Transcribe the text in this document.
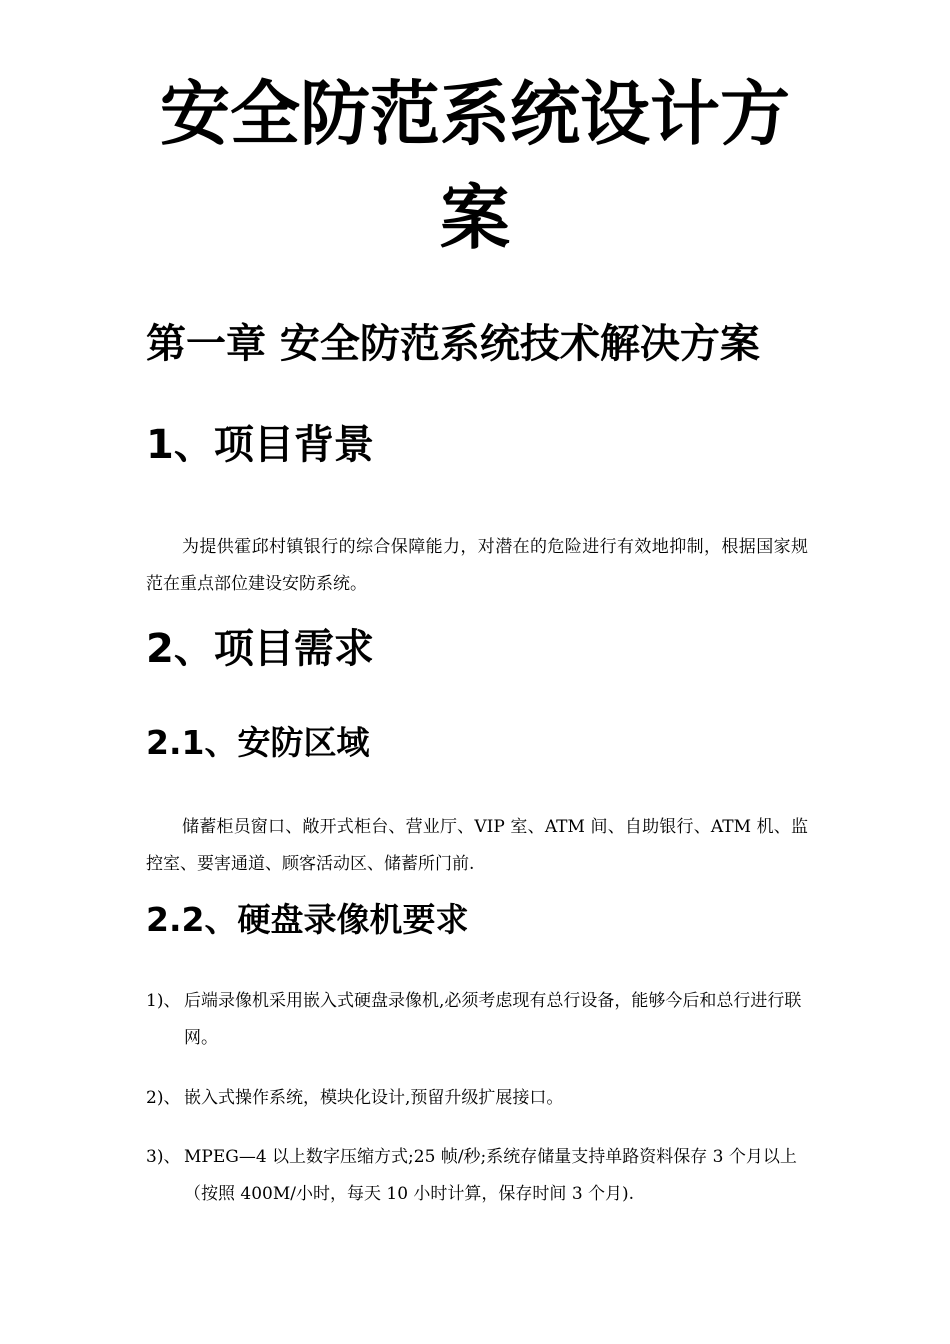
安全防范系统设计方
案
第一章 安全防范系统技术解决方案
1、项目背景

为提供霍邱村镇银行的综合保障能力，对潜在的危险进行有效地抑制，根据国家规范在重点部位建设安防系统。

2、项目需求
2.1、安防区域

储蓄柜员窗口、敞开式柜台、营业厅、VIP 室、ATM 间、自助银行、ATM 机、监控室、要害通道、顾客活动区、储蓄所门前.

2.2、硬盘录像机要求
1)、 后端录像机采用嵌入式硬盘录像机,必须考虑现有总行设备，能够今后和总行进行联网。
2)、 嵌入式操作系统，模块化设计,预留升级扩展接口。
3)、 MPEG—4 以上数字压缩方式;25 帧/秒;系统存储量支持单路资料保存 3 个月以上（按照 400M/小时，每天 10 小时计算，保存时间 3 个月).
